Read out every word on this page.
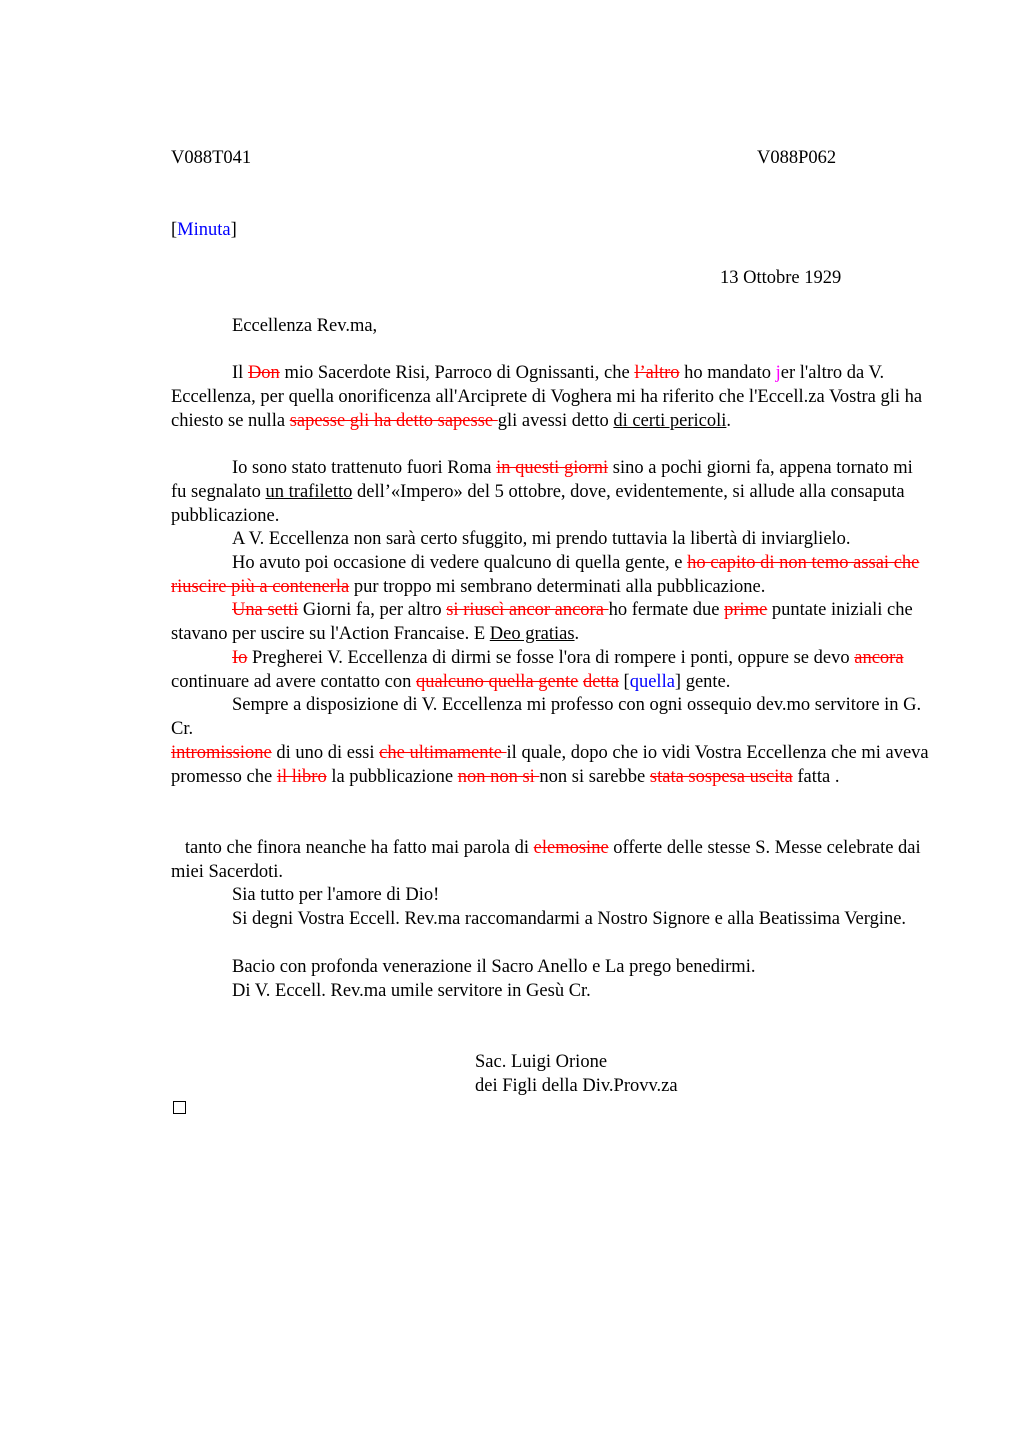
V088T041	V088P062
[Minuta]
13 Ottobre 1929
Eccellenza Rev.ma,
Il Don mio Sacerdote Risi, Parroco di Ognissanti, che l’altro ho mandato jer l'altro da V. Eccellenza, per quella onorificenza all'Arciprete di Voghera mi ha riferito che l'Eccell.za Vostra gli ha chiesto se nulla sapesse gli ha detto sapesse gli avessi detto di certi pericoli.
Io sono stato trattenuto fuori Roma in questi giorni sino a pochi giorni fa, appena tornato mi fu segnalato un trafiletto dell’«Impero» del 5 ottobre, dove, evidentemente, si allude alla consaputa pubblicazione.
A V. Eccellenza non sarà certo sfuggito, mi prendo tuttavia la libertà di inviarglielo.
Ho avuto poi occasione di vedere qualcuno di quella gente, e ho capito di non temo assai che riuscire più a contenerla pur troppo mi sembrano determinati alla pubblicazione.
Una setti Giorni fa, per altro si riuscì ancor ancora ho fermate due prime puntate iniziali che stavano per uscire su l'Action Francaise. E Deo gratias.
Io Pregherei V. Eccellenza di dirmi se fosse l'ora di rompere i ponti, oppure se devo ancora continuare ad avere contatto con qualcuno quella gente detta [quella] gente.
Sempre a disposizione di V. Eccellenza mi professo con ogni ossequio dev.mo servitore in G. Cr.
intromissione di uno di essi che ultimamente il quale, dopo che io vidi Vostra Eccellenza che mi aveva promesso che il libro la pubblicazione non non si non si sarebbe stata sospesa uscita fatta .
tanto che finora neanche ha fatto mai parola di elemosine offerte delle stesse S. Messe celebrate dai miei Sacerdoti.
Sia tutto per l'amore di Dio!
Si degni Vostra Eccell. Rev.ma raccomandarmi a Nostro Signore e alla Beatissima Vergine.
Bacio con profonda venerazione il Sacro Anello e La prego benedirmi.
Di V. Eccell. Rev.ma umile servitore in Gesù Cr.
Sac. Luigi Orione
dei Figli della Div.Provv.za
